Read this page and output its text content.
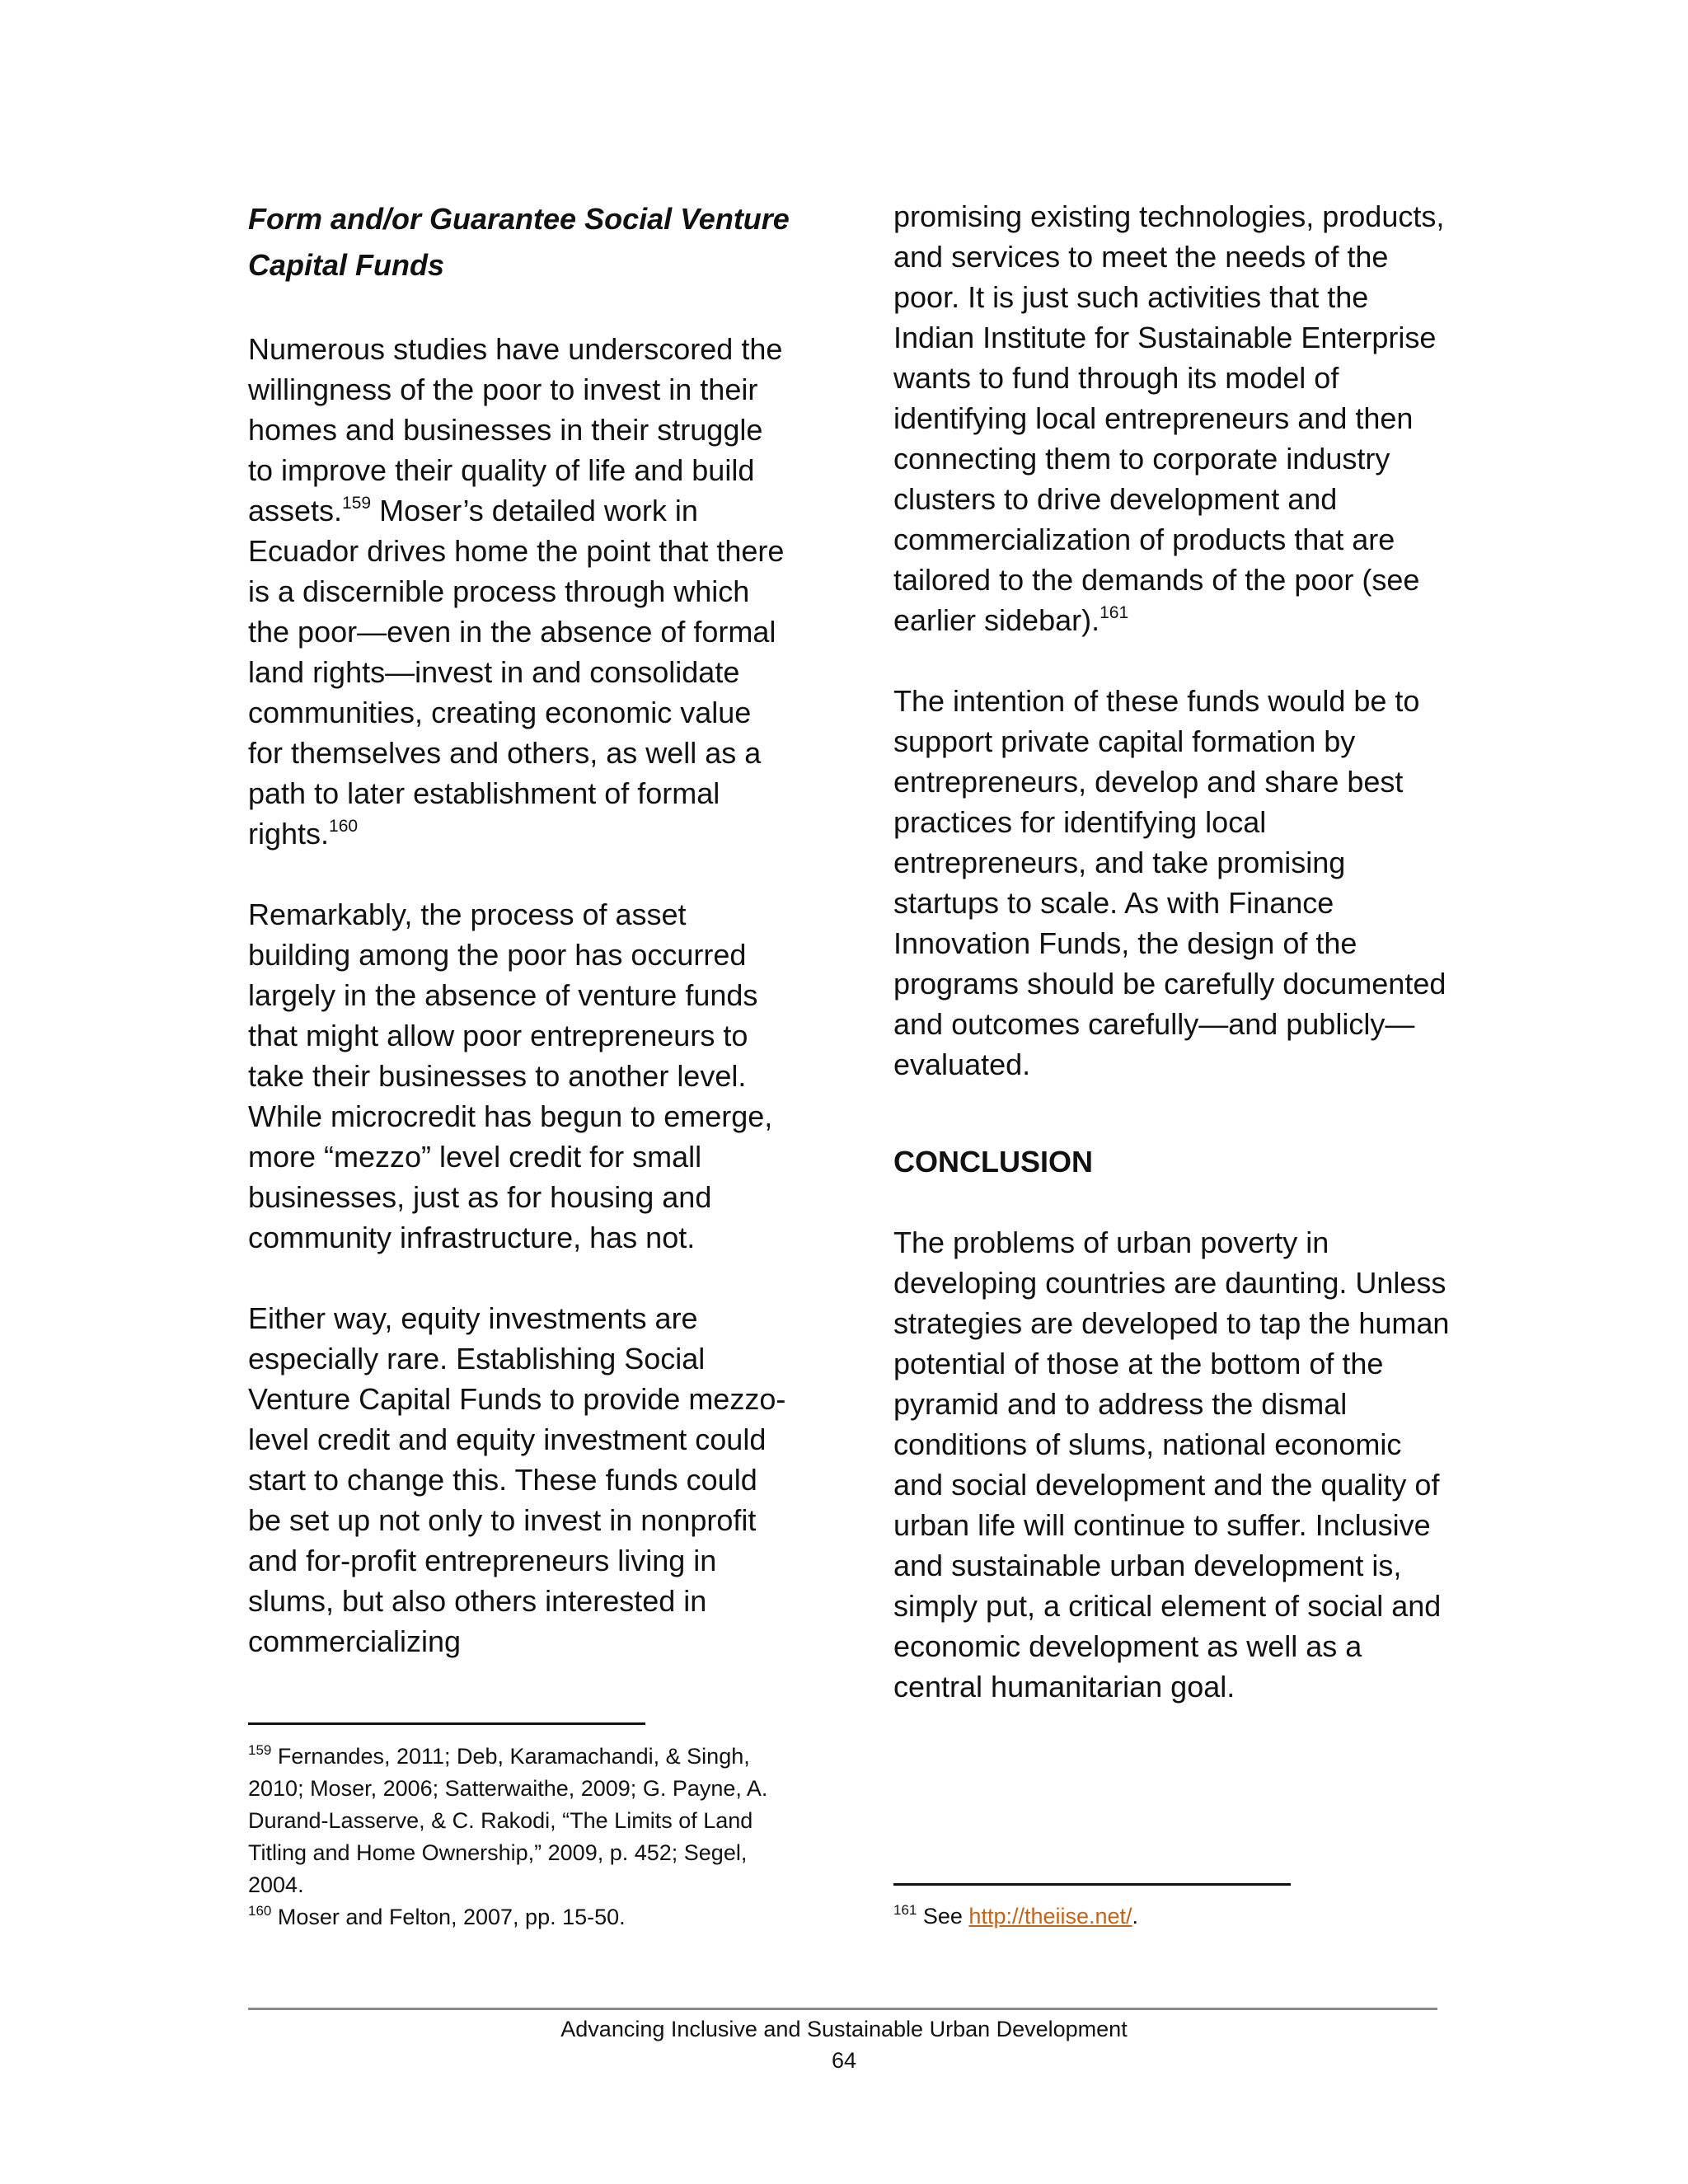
Form and/or Guarantee Social Venture Capital Funds

Numerous studies have underscored the willingness of the poor to invest in their homes and businesses in their struggle to improve their quality of life and build assets.$^{159}$ Moser’s detailed work in Ecuador drives home the point that there is a discernible process through which the poor—even in the absence of formal land rights—invest in and consolidate communities, creating economic value for themselves and others, as well as a path to later establishment of formal rights.$^{160}$

Remarkably, the process of asset building among the poor has occurred largely in the absence of venture funds that might allow poor entrepreneurs to take their businesses to another level. While microcredit has begun to emerge, more “mezzo” level credit for small businesses, just as for housing and community infrastructure, has not.

Either way, equity investments are especially rare. Establishing Social Venture Capital Funds to provide mezzo-level credit and equity investment could start to change this. These funds could be set up not only to invest in nonprofit and for-profit entrepreneurs living in slums, but also others interested in commercializing

promising existing technologies, products, and services to meet the needs of the poor. It is just such activities that the Indian Institute for Sustainable Enterprise wants to fund through its model of identifying local entrepreneurs and then connecting them to corporate industry clusters to drive development and commercialization of products that are tailored to the demands of the poor (see earlier sidebar).$^{161}$

The intention of these funds would be to support private capital formation by entrepreneurs, develop and share best practices for identifying local entrepreneurs, and take promising startups to scale. As with Finance Innovation Funds, the design of the programs should be carefully documented and outcomes carefully—and publicly—evaluated.

CONCLUSION

The problems of urban poverty in developing countries are daunting. Unless strategies are developed to tap the human potential of those at the bottom of the pyramid and to address the dismal conditions of slums, national economic and social development and the quality of urban life will continue to suffer. Inclusive and sustainable urban development is, simply put, a critical element of social and economic development as well as a central humanitarian goal.

$^{159}$ Fernandes, 2011; Deb, Karamachandi, & Singh, 2010; Moser, 2006; Satterwaithe, 2009; G. Payne, A. Durand-Lasserve, & C. Rakodi, “The Limits of Land Titling and Home Ownership,” 2009, p. 452; Segel, 2004.

$^{160}$ Moser and Felton, 2007, pp. 15-50.	$^{161}$ See http://theiise.net/.

Advancing Inclusive and Sustainable Urban Development
64
